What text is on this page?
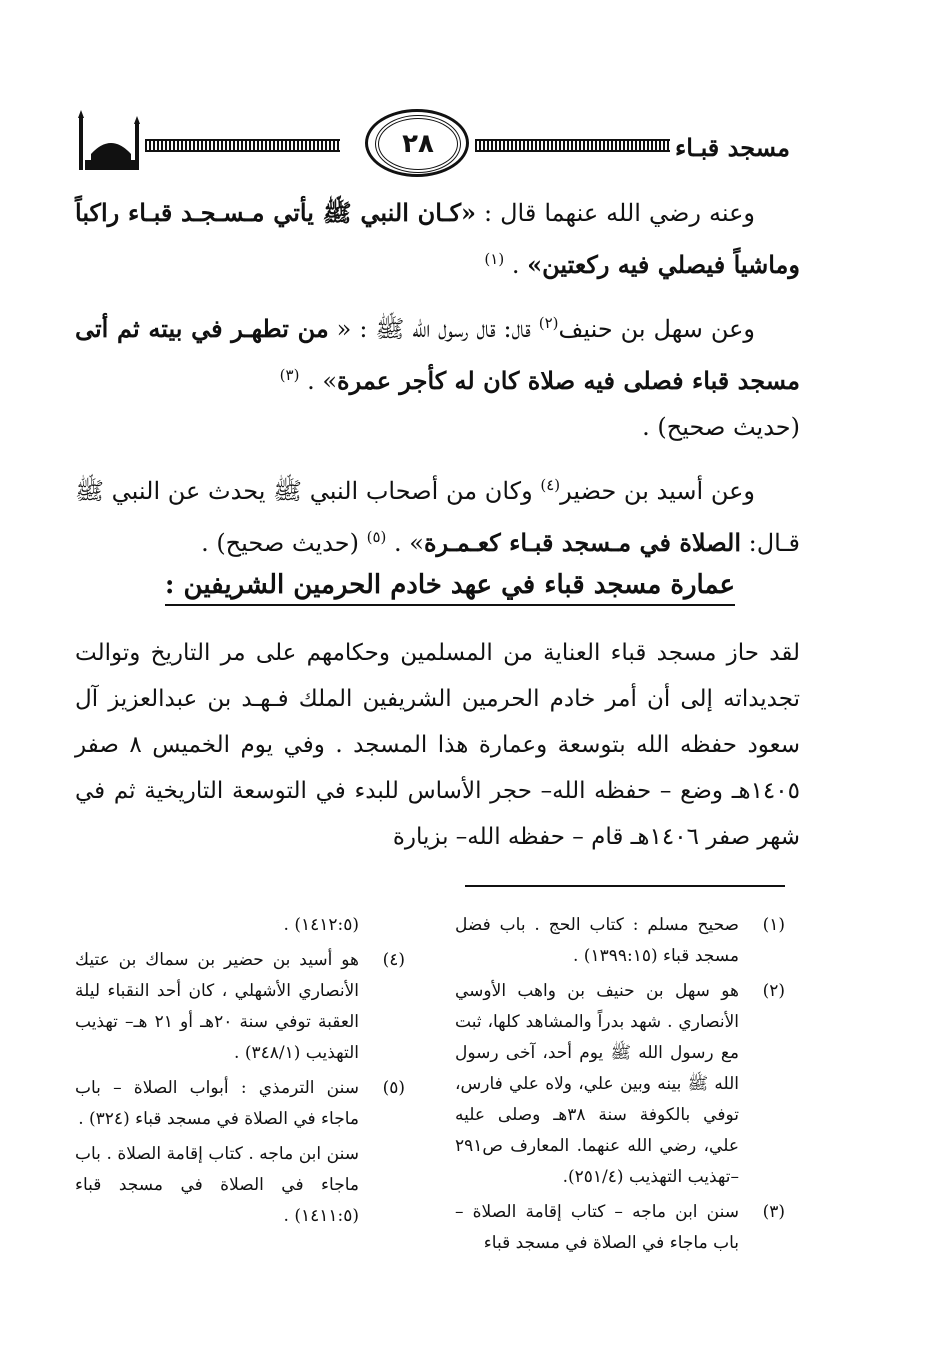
مسجد قبـاء
٢٨

وعنه رضي الله عنهما قال : «كـان النبي ﷺ يأتي مـسـجـد قبـاء راكباً وماشياً فيصلي فيه ركعتين» . $^{(١)}$

وعن سهل بن حنيف$^{(٢)}$ قال: قال رسول الله ﷺ : « من تطهـر في بيته ثم أتى مسجد قباء فصلى فيه صلاة كان له كأجر عمرة» . $^{(٣)}$
(حديث صحيح) .

وعن أسيد بن حضير$^{(٤)}$ وكان من أصحاب النبي ﷺ يحدث عن النبي ﷺ قـال: الصلاة في مـسجد قبـاء كعـمـرة» . $^{(٥)}$ (حديث صحيح) .

عمارة مسجد قباء في عهد خادم الحرمين الشريفين :

لقد حاز مسجد قباء العناية من المسلمين وحكامهم على مر التاريخ وتوالت تجديداته إلى أن أمر خادم الحرمين الشريفين الملك فـهـد بن عبدالعزيز آل سعود حفظه الله بتوسعة وعمارة هذا المسجد . وفي يوم الخميس ٨ صفر ١٤٠٥هـ وضع – حفظه الله– حجر الأساس للبدء في التوسعة التاريخية ثم في شهر صفر ١٤٠٦هـ قام – حفظه الله– بزيارة

(١)
صحيح مسلم : كتاب الحج . باب فضل مسجد قباء (١٣٩٩:١٥) .

(٢)
هو سهل بن حنيف بن واهب الأوسي الأنصاري . شهد بدراً والمشاهد كلها، ثبت مع رسول الله ﷺ يوم أحد، آخى رسول الله ﷺ بينه وبين علي، ولاه علي فارس، توفي بالكوفة سنة ٣٨هـ وصلى عليه علي، رضي الله عنهما. المعارف ص٢٩١ –تهذيب التهذيب (٢٥١/٤).

(٣)
سنن ابن ماجه – كتاب إقامة الصلاة – باب ماجاء في الصلاة في مسجد قباء

(١٤١٢:٥) .

(٤)
هو أسيد بن حضير بن سماك بن عتيك الأنصاري الأشهلي ، كان أحد النقباء ليلة العقبة توفي سنة ٢٠هـ أو ٢١ هـ– تهذيب التهذيب (٣٤٨/١) .

(٥)
سنن الترمذي : أبواب الصلاة – باب ماجاء في الصلاة في مسجد قباء (٣٢٤) .

سنن ابن ماجه . كتاب إقامة الصلاة . باب ماجاء في الصلاة في مسجد قباء (١٤١١:٥) .
